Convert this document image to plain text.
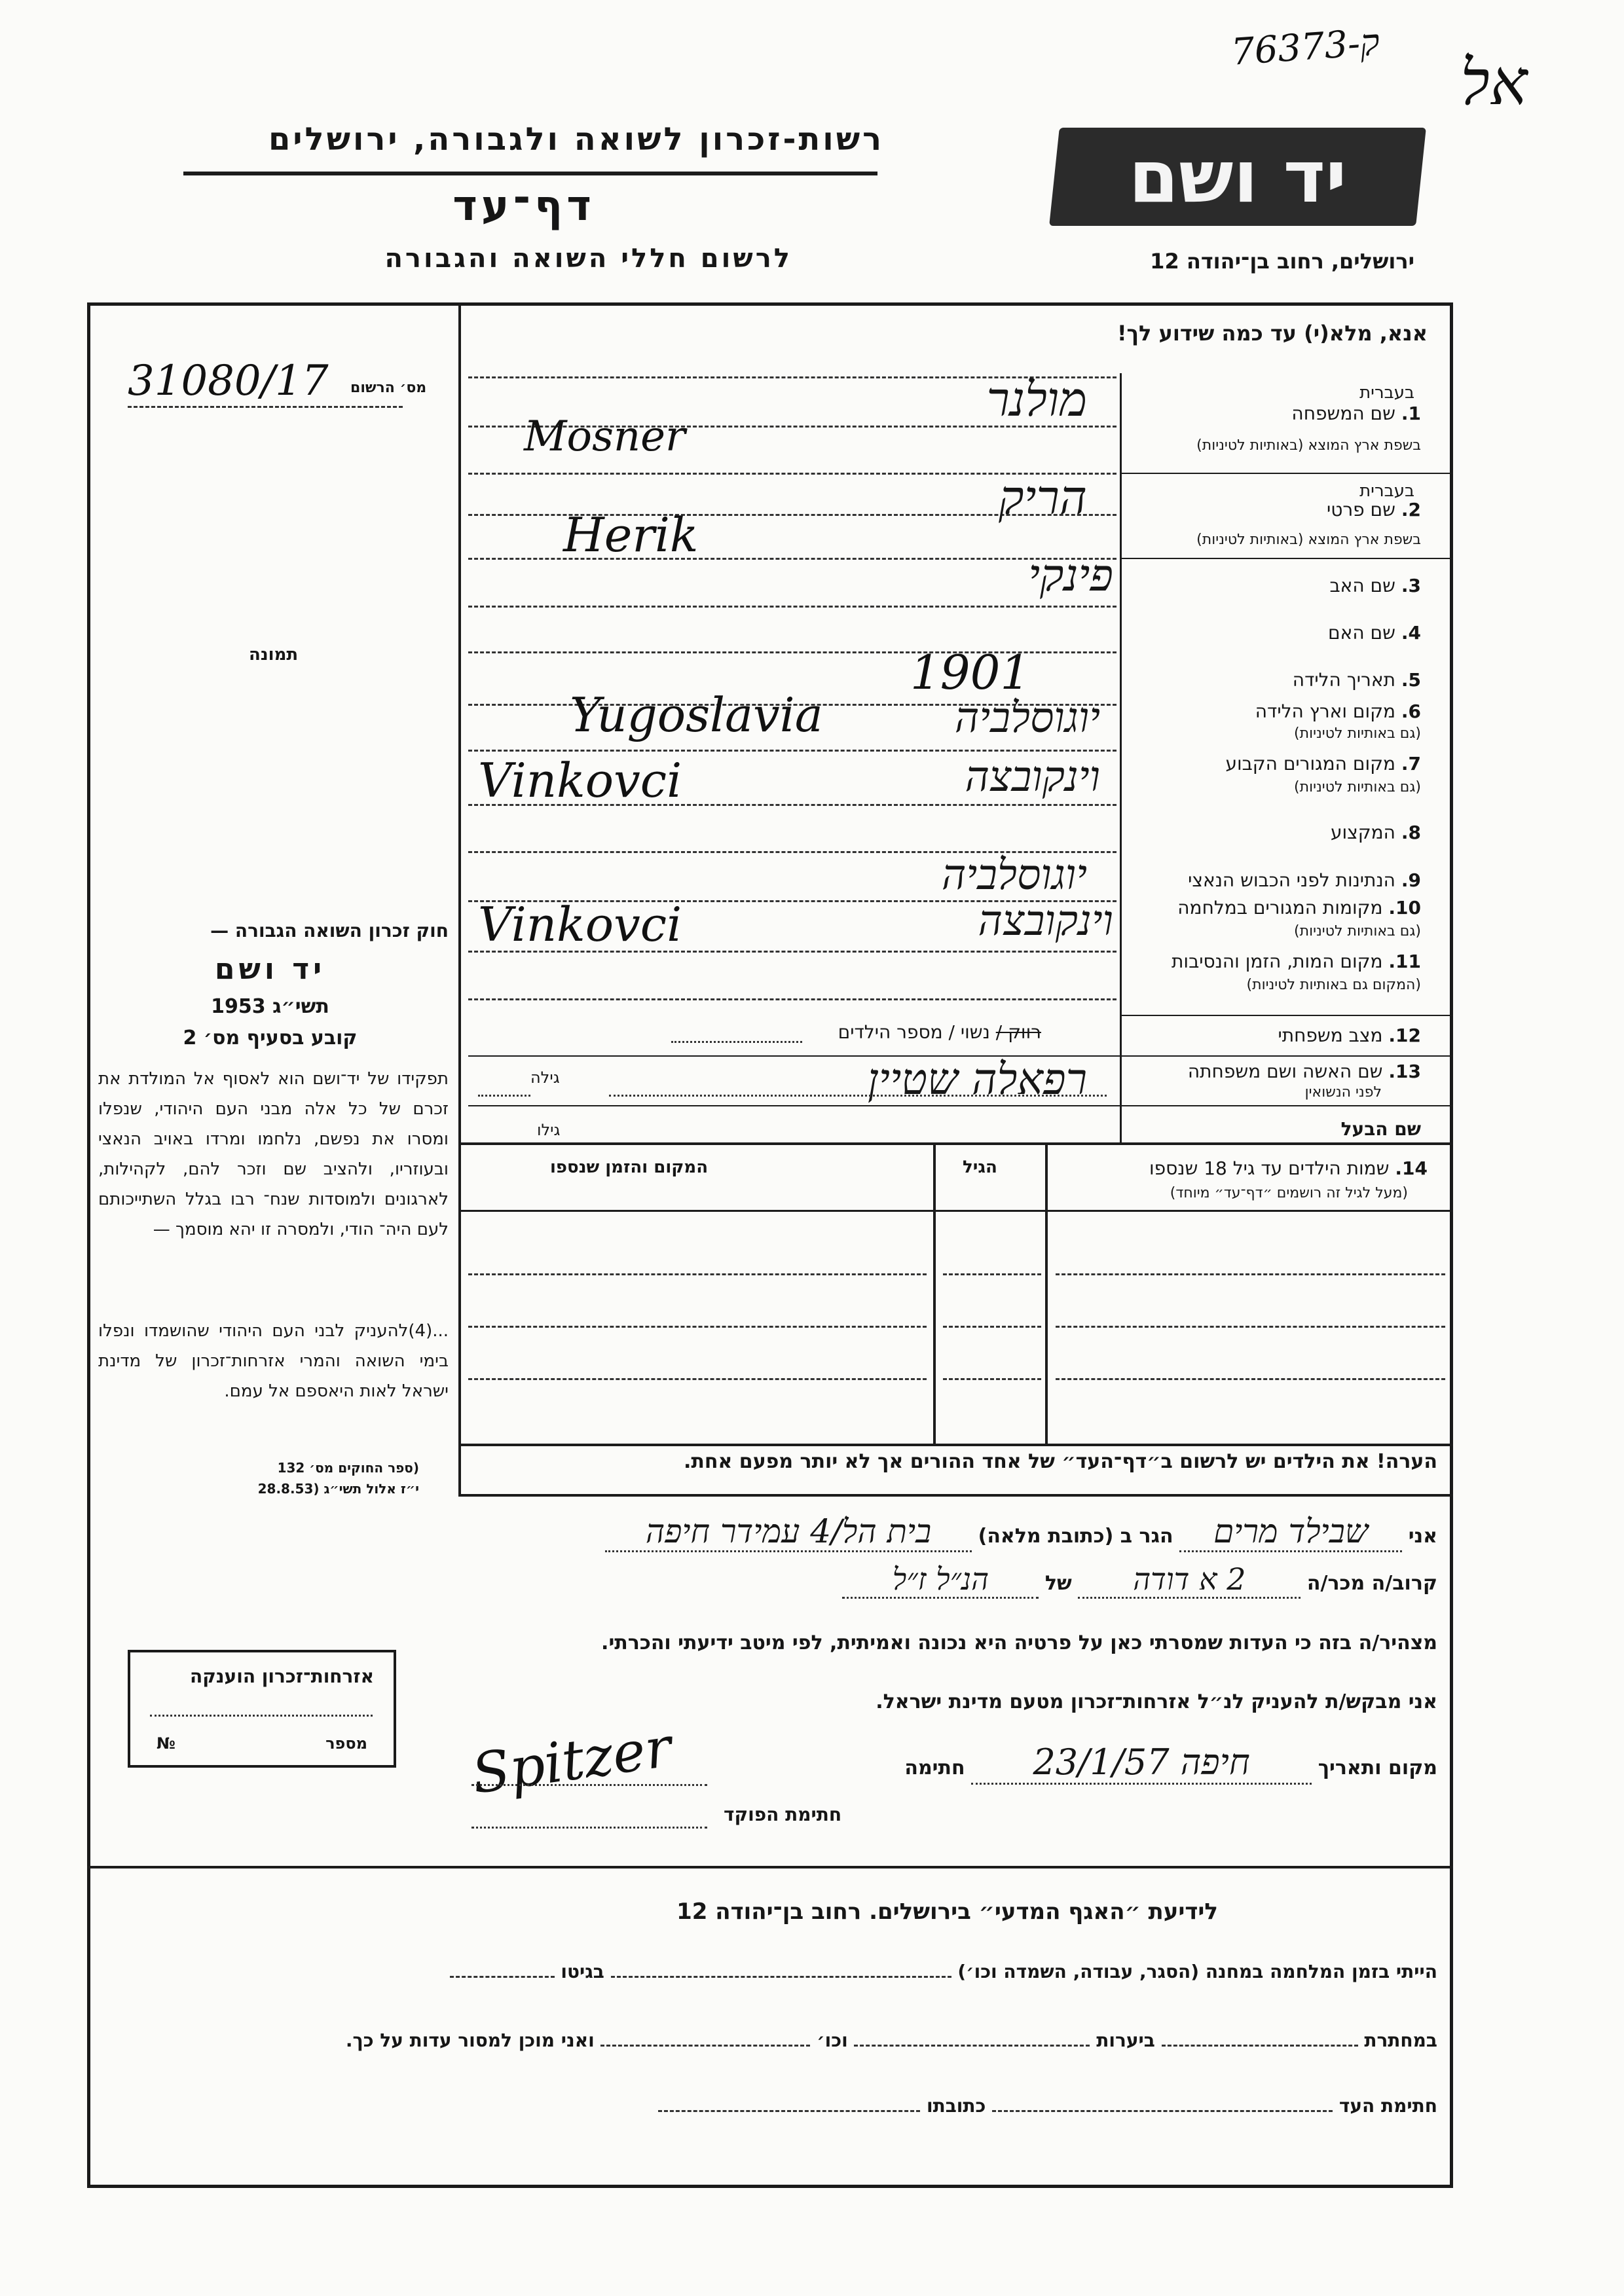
76ק-373
אל
רשות-זכרון לשואה ולגבורה, ירושלים
דף־עד
לרשום חללי השואה והגבורה
יד ושם
ירושלים, רחוב בן־יהודה 12
אנא, מלא(י) עד כמה שידוע לך!
31080/17 מס׳ הרשום
תמונה
חוק זכרון השואה הגבורה —
יד ושם
תשי״ג 1953
קובע בסעיף מס׳ 2
תפקידו של יד־ושם הוא לאסוף אל המולדת את זכרם של כל אלה מבני העם היהודי, שנפלו ומסרו את נפשם, נלחמו ומרדו באויב הנאצי ובעוזריו, ולהציב שם וזכר להם, לקהילות, לארגונים ולמוסדות שנח־ רבו בגלל השתייכותם לעם היה־ הודי, ולמסרה זו יהא מוסמך —
...(4)להעניק לבני העם היהודי שהושמדו ונפלו בימי השואה והמרי אזרחות־זכרון של מדינת ישראל לאות היאספם אל עמם.
(ספר החוקים מס׳ 132
י״ז אלול תשי״ג (28.8.53
1. שם המשפחה
בשפת ארץ המוצא (באותיות לטיניות)
בעברית
מולנר
Mosner
2. שם פרטי
בשפת ארץ המוצא (באותיות לטיניות)
בעברית
הריק
Herik
3. שם האב
פינקי
4. שם האם
5. תאריך הלידה
1901
6. מקום וארץ הלידה
(גם באותיות לטיניות)
יוגוסלביה
Yugoslavia
7. מקום המגורים הקבוע
(גם באותיות לטיניות)
וינקובצה
Vinkovci
8. המקצוע
9. הנתינות לפני הכבוש הנאצי
יוגוסלביה
10. מקומות המגורים במלחמה
(גם באותיות לטיניות)
וינקובצה
Vinkovci
11. מקום המות, הזמן והנסיבות
(המקום גם באותיות לטיניות)
12. מצב משפחתי
רווק / נשוי / מספר הילדים
13. שם האשה ושם משפחתה
לפני הנשואין
רפאלה שטיין
גילה
שם הבעל
גילו
14. שמות הילדים עד גיל 18 שנספו
(מעל לגיל זה רושמים ״דף־עד״ מיוחד)
הגיל
המקום והזמן שנספו
הערה! את הילדים יש לרשום ב״דף־העד״ של אחד ההורים אך לא יותר מפעם אחת.
אני שבילד מרים הגר ב (כתובת מלאה) בית הל/4 עמידר חיפה
קרוב/ה מכר/ה 2 א דודה של הנ״ל ז״ל
מצהיר/ה בזה כי העדות שמסרתי כאן על פרטיה היא נכונה ואמיתית, לפי מיטב ידיעתי והכרתי.
אני מבקש/ת להעניק לנ״ל אזרחות־זכרון מטעם מדינת ישראל.
מקום ותאריך חיפה 23/1/57 חתימה
Spitzer
חתימת הפוקד
אזרחות־זכרון הוענקה
מספר
№
לידיעת ״האגף המדעי״ בירושלים. רחוב בן־יהודה 12
הייתי בזמן המלחמה במחנה (הסגר, עבודה, השמדה וכו׳)  בגיטו
במחתרת  ביערות  וכו׳  ואני מוכן למסור עדות על כך.
חתימת העד  כתובתו
